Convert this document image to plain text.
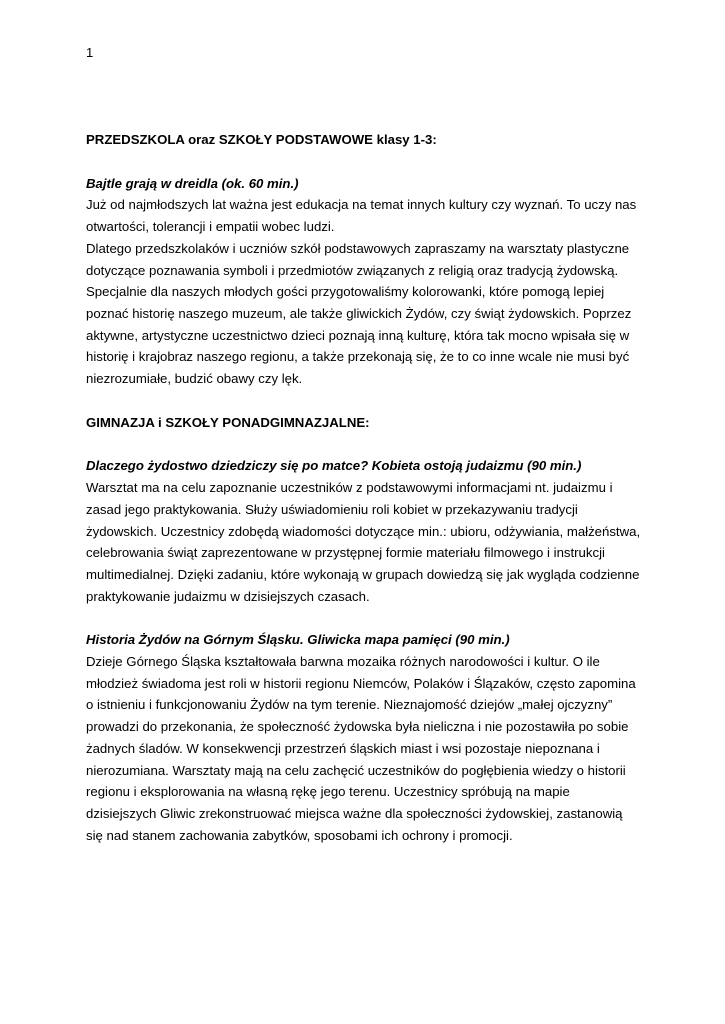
1

PRZEDSZKOLA oraz SZKOŁY PODSTAWOWE klasy 1-3:

Bajtle grają w dreidla (ok. 60 min.)

Już od najmłodszych lat ważna jest edukacja na temat innych kultury czy wyznań. To uczy nas otwartości, tolerancji i empatii wobec ludzi.

Dlatego przedszkolaków i uczniów szkół podstawowych zapraszamy na warsztaty plastyczne dotyczące poznawania symboli i przedmiotów związanych z religią oraz tradycją żydowską. Specjalnie dla naszych młodych gości przygotowaliśmy kolorowanki, które pomogą lepiej poznać historię naszego muzeum, ale także gliwickich Żydów, czy świąt żydowskich. Poprzez aktywne, artystyczne uczestnictwo dzieci poznają inną kulturę, która tak mocno wpisała się w historię i krajobraz naszego regionu, a także przekonają się, że to co inne wcale nie musi być niezrozumiałe, budzić obawy czy lęk.

GIMNAZJA i SZKOŁY PONADGIMNAZJALNE:

Dlaczego żydostwo dziedziczy się po matce? Kobieta ostoją judaizmu (90 min.)

Warsztat ma na celu zapoznanie uczestników z podstawowymi informacjami nt. judaizmu i zasad jego praktykowania. Służy uświadomieniu roli kobiet w przekazywaniu tradycji żydowskich. Uczestnicy zdobędą wiadomości dotyczące min.: ubioru, odżywiania, małżeństwa, celebrowania świąt zaprezentowane w przystępnej formie materiału filmowego i instrukcji multimedialnej. Dzięki zadaniu, które wykonają w grupach dowiedzą się jak wygląda codzienne praktykowanie judaizmu w dzisiejszych czasach.

Historia Żydów na Górnym Śląsku. Gliwicka mapa pamięci (90 min.)

Dzieje Górnego Śląska kształtowała barwna mozaika różnych narodowości i kultur. O ile młodzież świadoma jest roli w historii regionu Niemców, Polaków i Ślązaków, często zapomina o istnieniu i funkcjonowaniu Żydów na tym terenie. Nieznajomość dziejów „małej ojczyzny” prowadzi do przekonania, że społeczność żydowska była nieliczna i nie pozostawiła po sobie żadnych śladów. W konsekwencji przestrzeń śląskich miast i wsi pozostaje niepoznana i nierozumiana. Warsztaty mają na celu zachęcić uczestników do pogłębienia wiedzy o historii regionu i eksplorowania na własną rękę jego terenu. Uczestnicy spróbują na mapie dzisiejszych Gliwic zrekonstruować miejsca ważne dla społeczności żydowskiej, zastanowią się nad stanem zachowania zabytków, sposobami ich ochrony i promocji.
